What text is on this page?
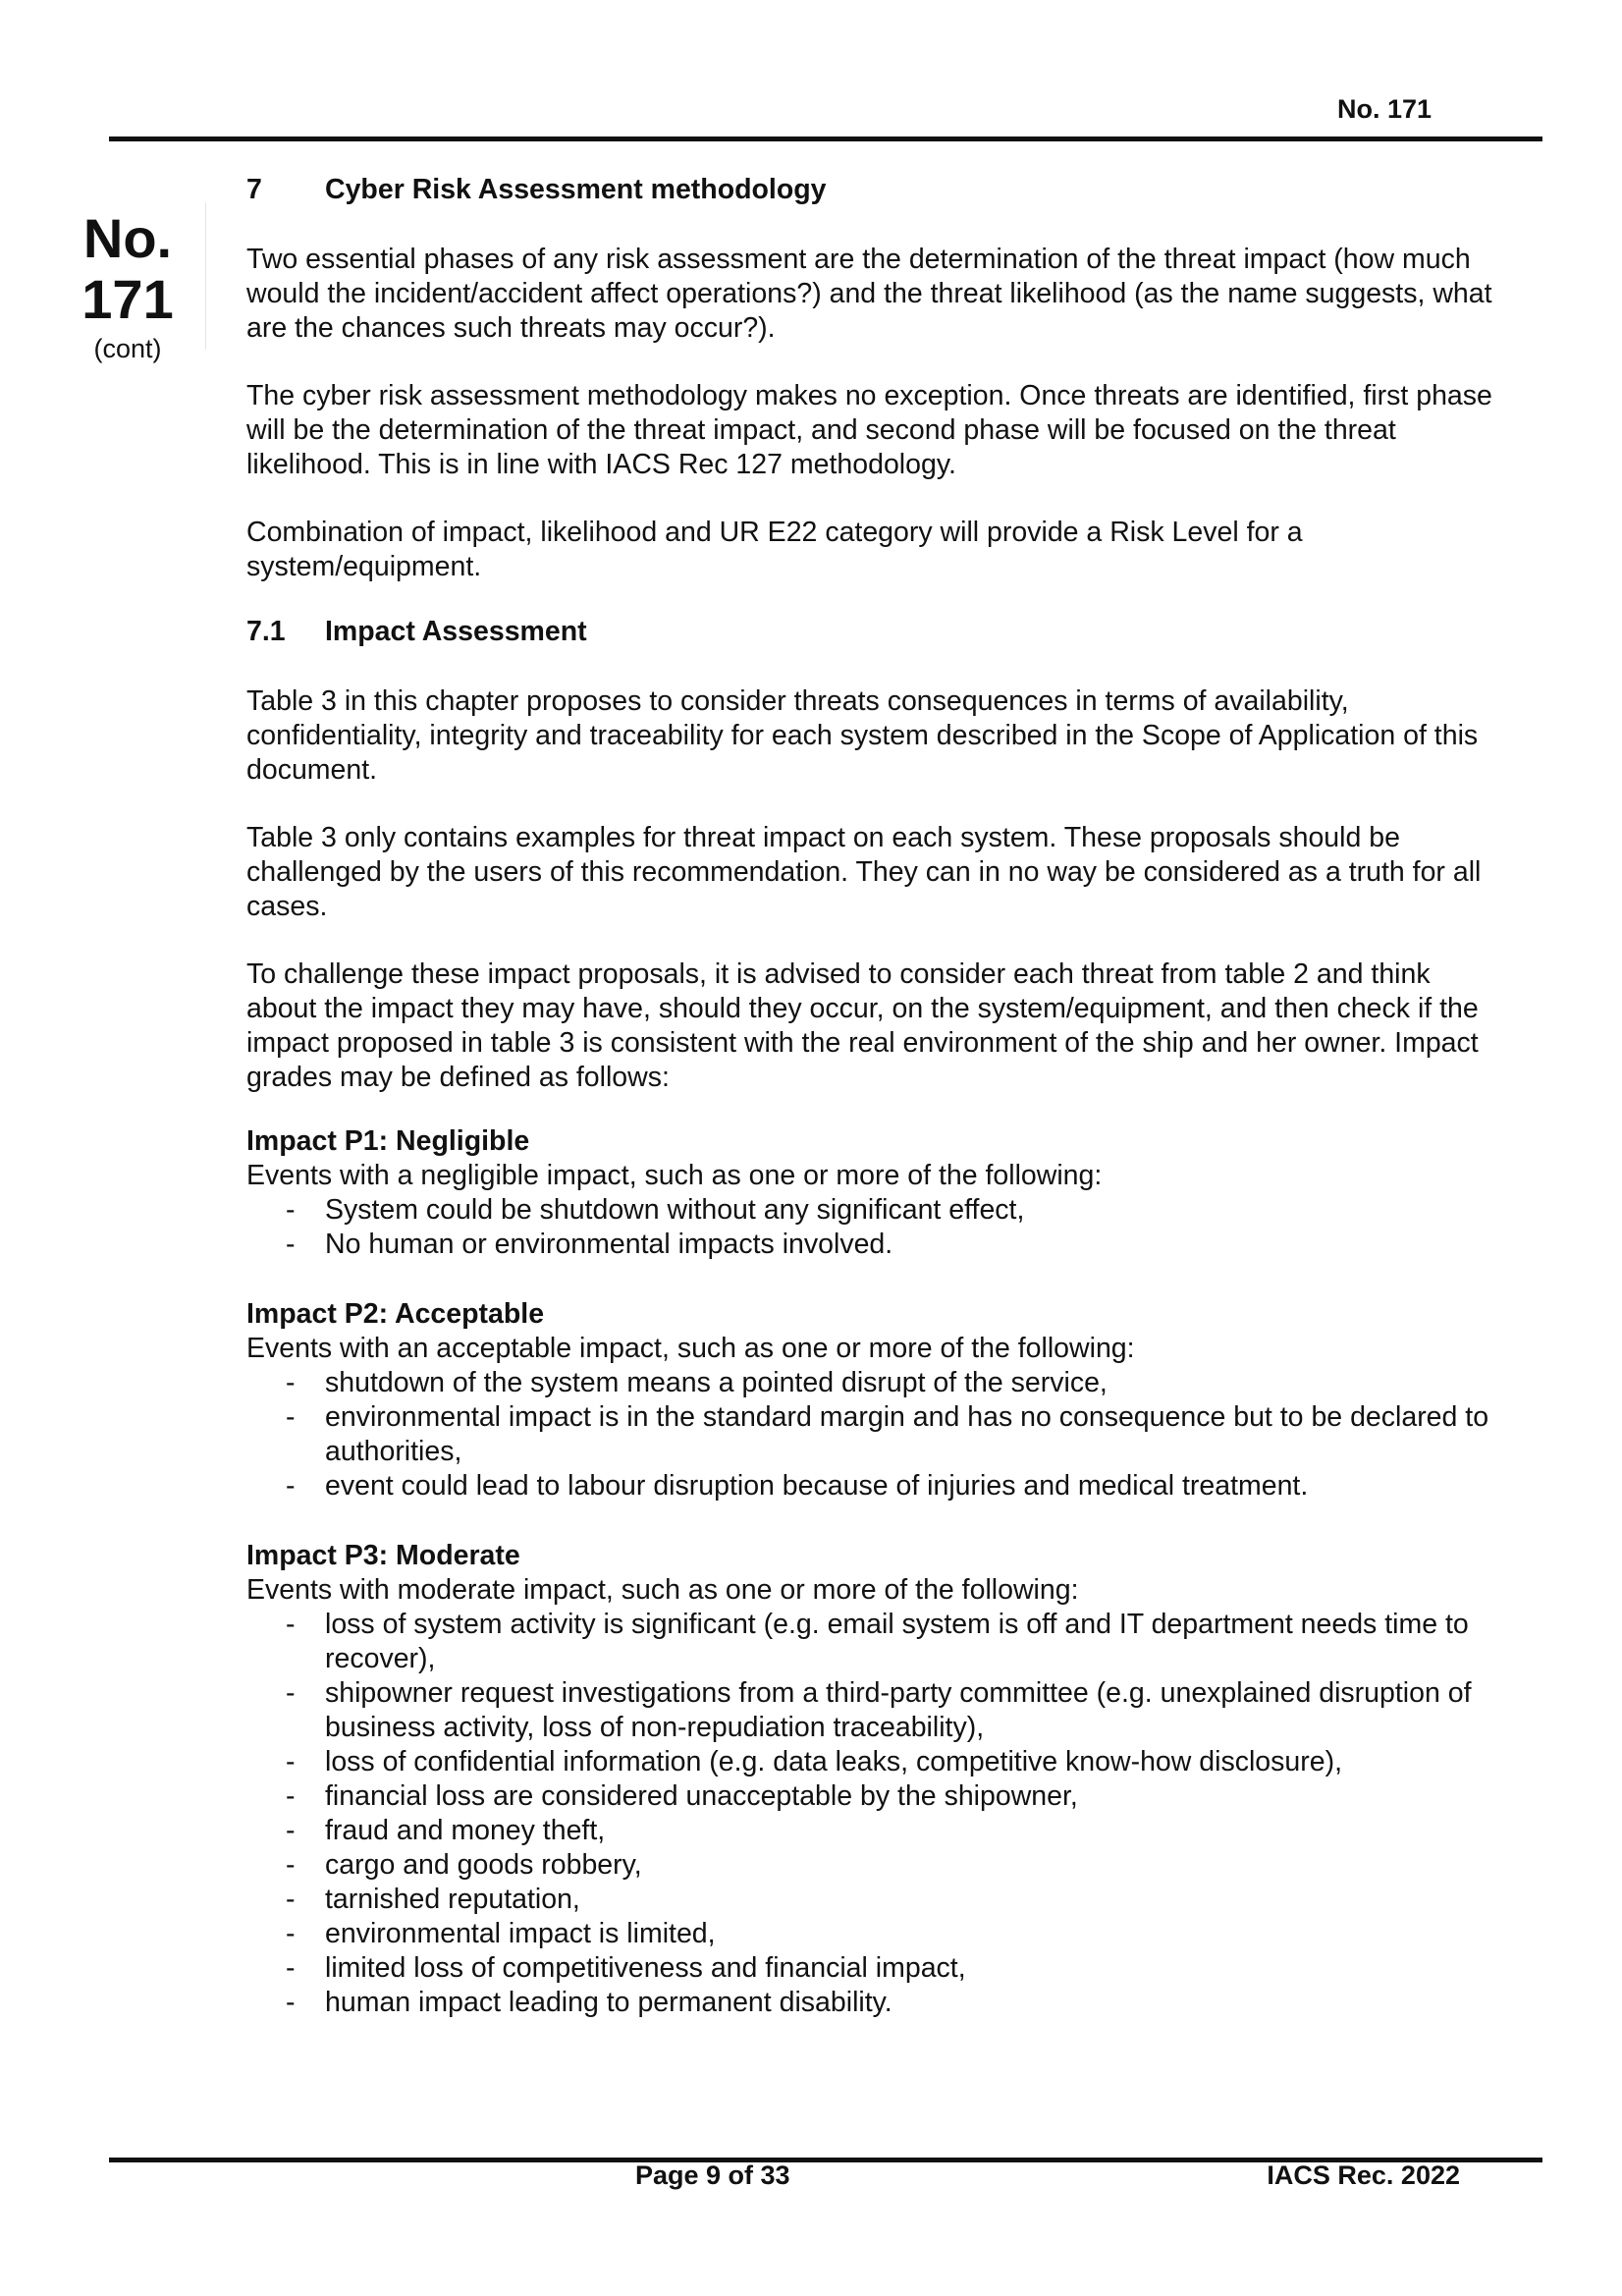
No. 171
No.
171
(cont)

7 Cyber Risk Assessment methodology

Two essential phases of any risk assessment are the determination of the threat impact (how much would the incident/accident affect operations?) and the threat likelihood (as the name suggests, what are the chances such threats may occur?).

The cyber risk assessment methodology makes no exception. Once threats are identified, first phase will be the determination of the threat impact, and second phase will be focused on the threat likelihood. This is in line with IACS Rec 127 methodology.

Combination of impact, likelihood and UR E22 category will provide a Risk Level for a system/equipment.

7.1 Impact Assessment

Table 3 in this chapter proposes to consider threats consequences in terms of availability, confidentiality, integrity and traceability for each system described in the Scope of Application of this document.

Table 3 only contains examples for threat impact on each system. These proposals should be challenged by the users of this recommendation. They can in no way be considered as a truth for all cases.

To challenge these impact proposals, it is advised to consider each threat from table 2 and think about the impact they may have, should they occur, on the system/equipment, and then check if the impact proposed in table 3 is consistent with the real environment of the ship and her owner. Impact grades may be defined as follows:

Impact P1: Negligible

Events with a negligible impact, such as one or more of the following:

- System could be shutdown without any significant effect,
- No human or environmental impacts involved.

Impact P2: Acceptable

Events with an acceptable impact, such as one or more of the following:

- shutdown of the system means a pointed disrupt of the service,
- environmental impact is in the standard margin and has no consequence but to be declared to authorities,
- event could lead to labour disruption because of injuries and medical treatment.

Impact P3: Moderate

Events with moderate impact, such as one or more of the following:

- loss of system activity is significant (e.g. email system is off and IT department needs time to recover),
- shipowner request investigations from a third-party committee (e.g. unexplained disruption of business activity, loss of non-repudiation traceability),
- loss of confidential information (e.g. data leaks, competitive know-how disclosure),
- financial loss are considered unacceptable by the shipowner,
- fraud and money theft,
- cargo and goods robbery,
- tarnished reputation,
- environmental impact is limited,
- limited loss of competitiveness and financial impact,
- human impact leading to permanent disability.
Page 9 of 33	IACS Rec. 2022
